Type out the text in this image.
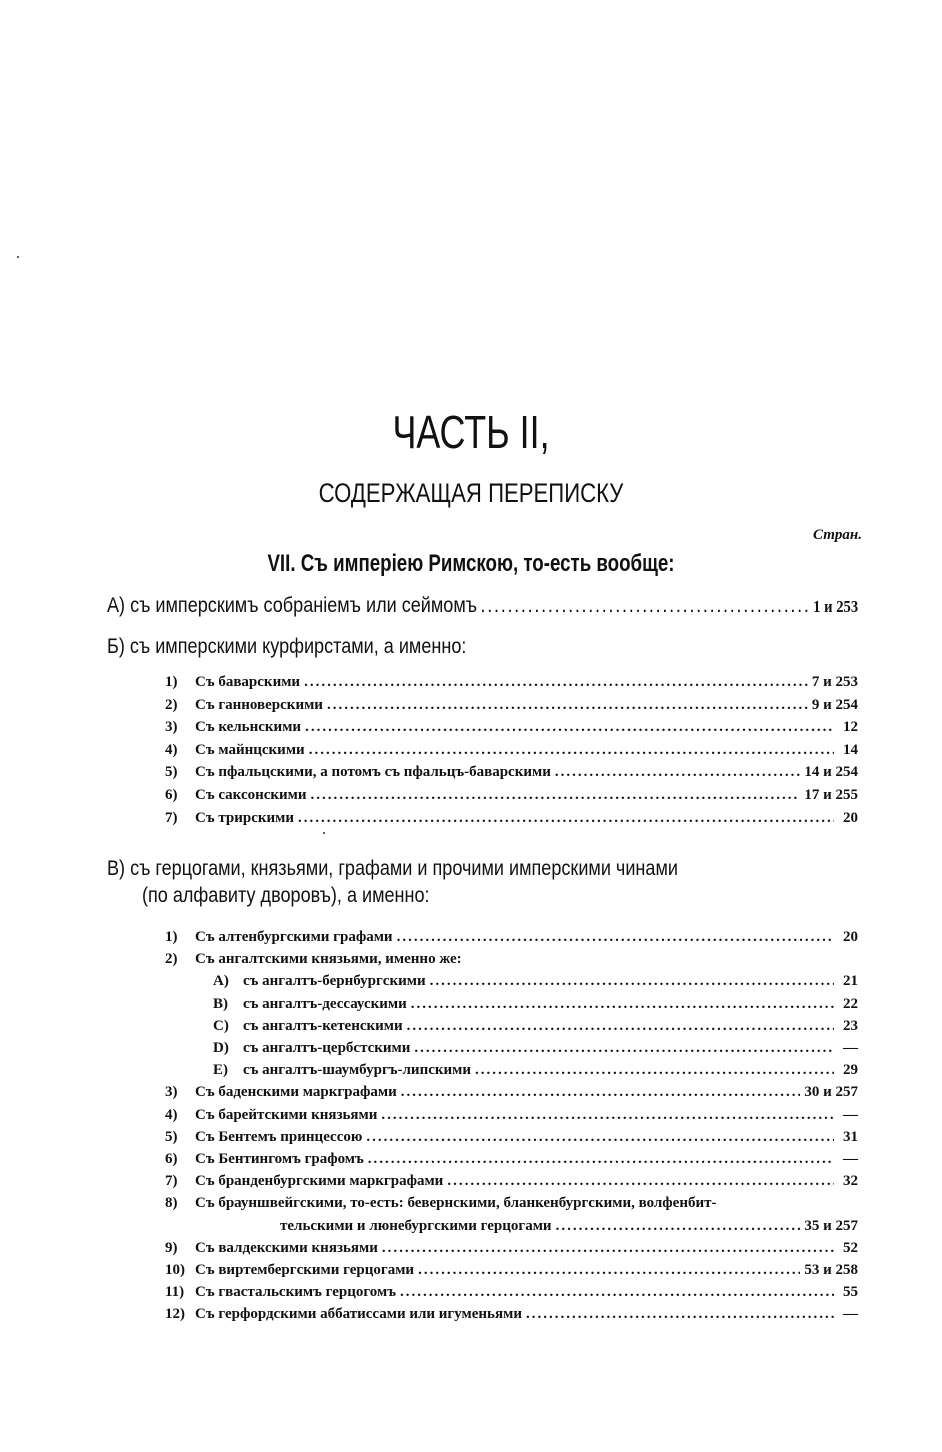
ЧАСТЬ II,
СОДЕРЖАЩАЯ ПЕРЕПИСКУ
Стран.
VII. Съ имперіею Римскою, то-есть вообще:
А) съ имперскимъ собраніемъ или сеймомъ .....	1 и 253
Б) съ имперскими курфирстами, а именно:
1) Съ баварскими .....	7 и 253
2) Съ ганноверскими .....	9 и 254
3) Съ кельнскими .....	12
4) Съ майнцскими .....	14
5) Съ пфальцскими, а потомъ съ пфальцъ-баварскими .....	14 и 254
6) Съ саксонскими .....	17 и 255
7) Съ трирскими .....	20
В) съ герцогами, князьями, графами и прочими имперскими чинами
(по алфавиту дворовъ), а именно:
1) Съ алтенбургскими графами .....	20
2) Съ ангалтскими князьями, именно же:
А) съ ангалтъ-бернбургскими .....	21
B) съ ангалтъ-дессаускими .....	22
C) съ ангалтъ-кетенскими .....	23
D) съ ангалтъ-цербстскими .....	—
E) съ ангалтъ-шаумбургъ-липскими .....	29
3) Съ баденскими маркграфами .....	30 и 257
4) Съ барейтскими князьями .....	—
5) Съ Бентемъ принцессою .....	31
6) Съ Бентингомъ графомъ .....	—
7) Съ бранденбургскими маркграфами .....	32
8) Съ брауншвейгскими, то-есть: бевернскими, бланкенбургскими, волфенбит-
тельскими и люнебургскими герцогами .....	35 и 257
9) Съ валдекскими князьями .....	52
10) Съ виртембергскими герцогами .....	53 и 258
11) Съ гвастальскимъ герцогомъ .....	55
12) Съ герфордскими аббатиссами или игуменьями .....	—
